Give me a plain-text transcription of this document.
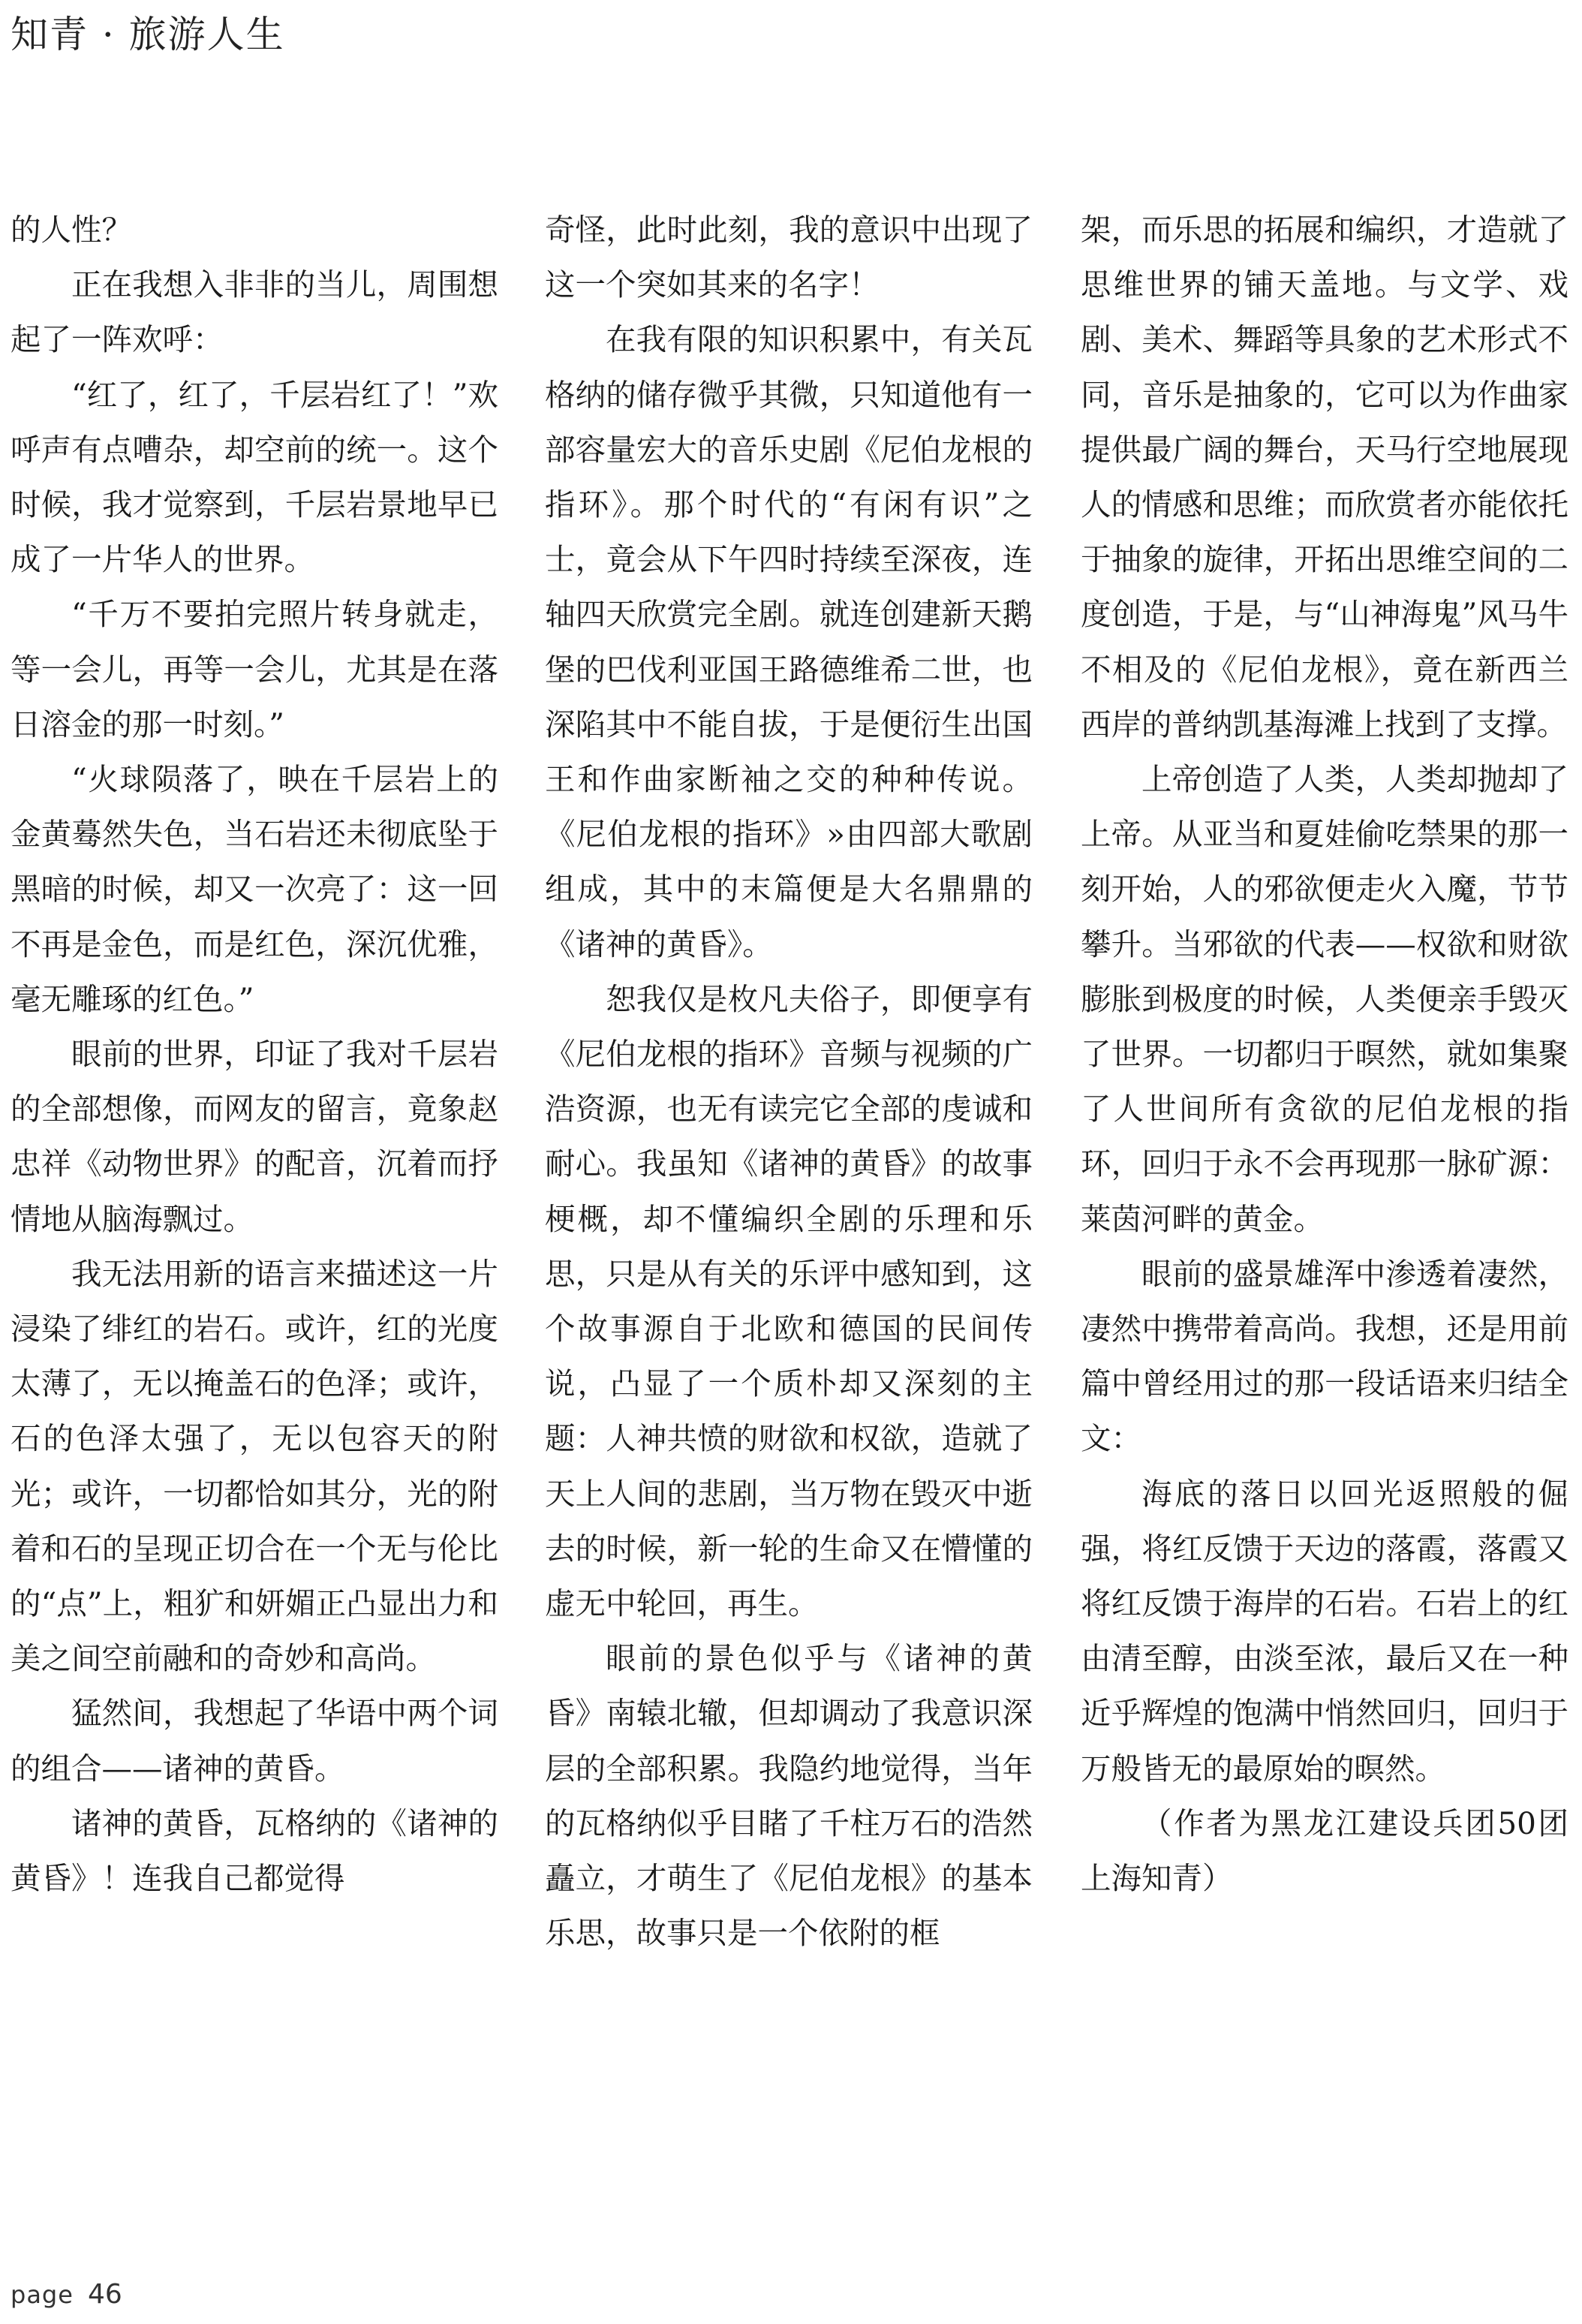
知青 · 旅游人生

的人性？

正在我想入非非的当儿，周围想起了一阵欢呼：

“红了，红了，千层岩红了！”欢呼声有点嘈杂，却空前的统一。这个时候，我才觉察到，千层岩景地早已成了一片华人的世界。

“千万不要拍完照片转身就走，等一会儿，再等一会儿，尤其是在落日溶金的那一时刻。”

“火球陨落了，映在千层岩上的金黄蓦然失色，当石岩还未彻底坠于黑暗的时候，却又一次亮了：这一回不再是金色，而是红色，深沉优雅，毫无雕琢的红色。”

眼前的世界，印证了我对千层岩的全部想像，而网友的留言，竟象赵忠祥《动物世界》的配音，沉着而抒情地从脑海飘过。

我无法用新的语言来描述这一片浸染了绯红的岩石。或许，红的光度太薄了，无以掩盖石的色泽；或许，石的色泽太强了，无以包容天的附光；或许，一切都恰如其分，光的附着和石的呈现正切合在一个无与伦比的“点”上，粗犷和妍媚正凸显出力和美之间空前融和的奇妙和高尚。

猛然间，我想起了华语中两个词的组合——诸神的黄昏。

诸神的黄昏，瓦格纳的《诸神的黄昏》！连我自己都觉得

奇怪，此时此刻，我的意识中出现了这一个突如其来的名字！

在我有限的知识积累中，有关瓦格纳的储存微乎其微，只知道他有一部容量宏大的音乐史剧《尼伯龙根的指环》。那个时代的“有闲有识”之士，竟会从下午四时持续至深夜，连轴四天欣赏完全剧。就连创建新天鹅堡的巴伐利亚国王路德维希二世，也深陷其中不能自拔，于是便衍生出国王和作曲家断袖之交的种种传说。《尼伯龙根的指环》»由四部大歌剧组成，其中的末篇便是大名鼎鼎的《诸神的黄昏》。

恕我仅是枚凡夫俗子，即便享有《尼伯龙根的指环》音频与视频的广浩资源，也无有读完它全部的虔诚和耐心。我虽知《诸神的黄昏》的故事梗概，却不懂编织全剧的乐理和乐思，只是从有关的乐评中感知到，这个故事源自于北欧和德国的民间传说，凸显了一个质朴却又深刻的主题：人神共愤的财欲和权欲，造就了天上人间的悲剧，当万物在毁灭中逝去的时候，新一轮的生命又在懵懂的虚无中轮回，再生。

眼前的景色似乎与《诸神的黄昏》南辕北辙，但却调动了我意识深层的全部积累。我隐约地觉得，当年的瓦格纳似乎目睹了千柱万石的浩然矗立，才萌生了《尼伯龙根》的基本乐思，故事只是一个依附的框

架，而乐思的拓展和编织，才造就了思维世界的铺天盖地。与文学、戏剧、美术、舞蹈等具象的艺术形式不同，音乐是抽象的，它可以为作曲家提供最广阔的舞台，天马行空地展现人的情感和思维；而欣赏者亦能依托于抽象的旋律，开拓出思维空间的二度创造，于是，与“山神海鬼”风马牛不相及的《尼伯龙根》，竟在新西兰西岸的普纳凯基海滩上找到了支撑。

上帝创造了人类，人类却抛却了上帝。从亚当和夏娃偷吃禁果的那一刻开始，人的邪欲便走火入魔，节节攀升。当邪欲的代表——权欲和财欲膨胀到极度的时候，人类便亲手毁灭了世界。一切都归于暝然，就如集聚了人世间所有贪欲的尼伯龙根的指环，回归于永不会再现那一脉矿源：莱茵河畔的黄金。

眼前的盛景雄浑中渗透着凄然，凄然中携带着高尚。我想，还是用前篇中曾经用过的那一段话语来归结全文：

海底的落日以回光返照般的倔强，将红反馈于天边的落霞，落霞又将红反馈于海岸的石岩。石岩上的红由清至醇，由淡至浓，最后又在一种近乎辉煌的饱满中悄然回归，回归于万般皆无的最原始的暝然。

（作者为黑龙江建设兵团50团上海知青）

page 46
